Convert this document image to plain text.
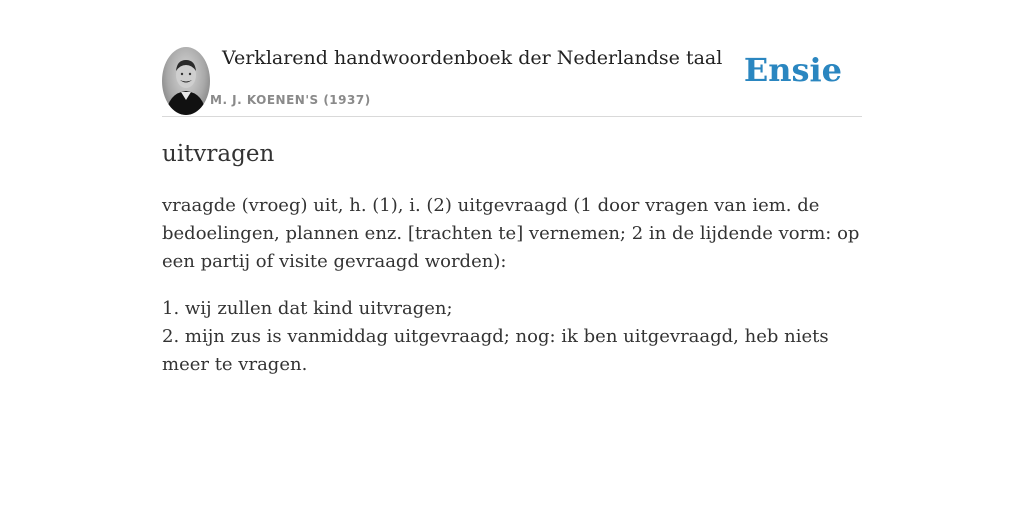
Verklarend handwoordenboek der Nederlandse taal
M. J. KOENEN'S (1937)
Ensie
uitvragen

vraagde (vroeg) uit, h. (1), i. (2) uitgevraagd (1 door vragen van iem. de bedoelingen, plannen enz. [trachten te] vernemen; 2 in de lijdende vorm: op een partij of visite gevraagd worden):

1. wij zullen dat kind uitvragen;
2. mijn zus is vanmiddag uitgevraagd; nog: ik ben uitgevraagd, heb niets meer te vragen.
